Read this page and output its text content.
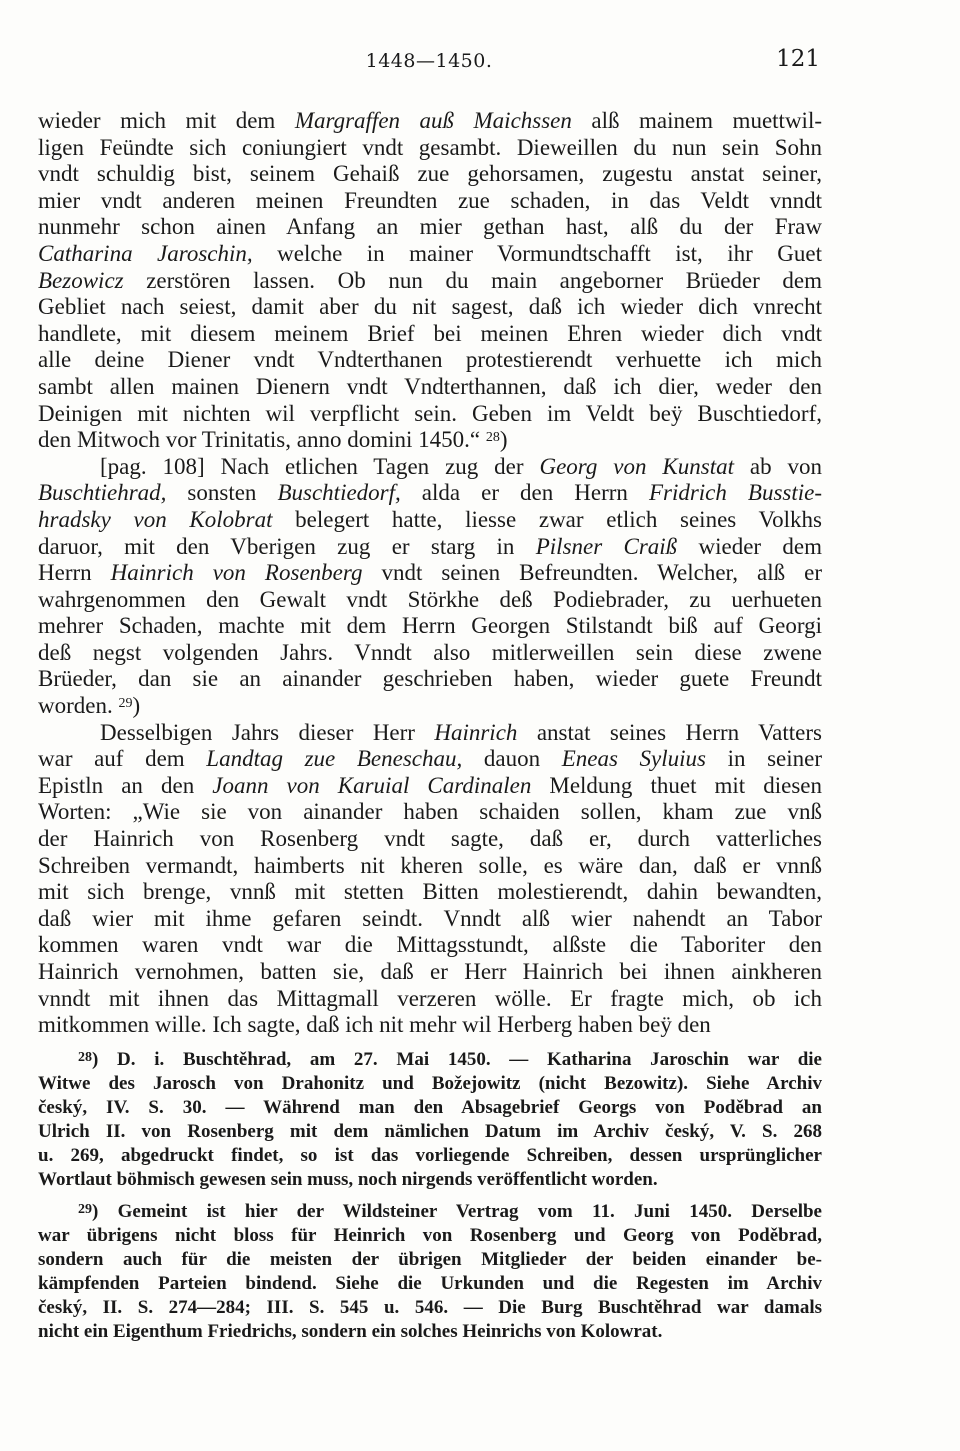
1448—1450.	121
wieder mich mit dem Margraffen auß Maichssen alß mainem muettwil-
ligen Feündte sich coniungiert vndt gesambt. Dieweillen du nun sein Sohn
vndt schuldig bist, seinem Gehaiß zue gehorsamen, zugestu anstat seiner,
mier vndt anderen meinen Freundten zue schaden, in das Veldt vnndt
nunmehr schon ainen Anfang an mier gethan hast, alß du der Fraw
Catharina Jaroschin, welche in mainer Vormundtschafft ist, ihr Guet
Bezowicz zerstören lassen. Ob nun du main angeborner Brüeder dem
Gebliet nach seiest, damit aber du nit sagest, daß ich wieder dich vnrecht
handlete, mit diesem meinem Brief bei meinen Ehren wieder dich vndt
alle deine Diener vndt Vndterthanen protestierendt verhuette ich mich
sambt allen mainen Dienern vndt Vndterthannen, daß ich dier, weder den
Deinigen mit nichten wil verpflicht sein. Geben im Veldt beÿ Buschtiedorf,
den Mitwoch vor Trinitatis, anno domini 1450.“ $^{28}$)
[pag. 108] Nach etlichen Tagen zug der Georg von Kunstat ab von
Buschtiehrad, sonsten Buschtiedorf, alda er den Herrn Fridrich Busstie-
hradsky von Kolobrat belegert hatte, liesse zwar etlich seines Volkhs
daruor, mit den Vberigen zug er starg in Pilsner Craiß wieder dem
Herrn Hainrich von Rosenberg vndt seinen Befreundten. Welcher, alß er
wahrgenommen den Gewalt vndt Störkhe deß Podiebrader, zu uerhueten
mehrer Schaden, machte mit dem Herrn Georgen Stilstandt biß auf Georgi
deß negst volgenden Jahrs. Vnndt also mitlerweillen sein diese zwene
Brüeder, dan sie an ainander geschrieben haben, wieder guete Freundt
worden. $^{29}$)
Desselbigen Jahrs dieser Herr Hainrich anstat seines Herrn Vatters
war auf dem Landtag zue Beneschau, dauon Eneas Syluius in seiner
Epistln an den Joann von Karuial Cardinalen Meldung thuet mit diesen
Worten: „Wie sie von ainander haben schaiden sollen, kham zue vnß
der Hainrich von Rosenberg vndt sagte, daß er, durch vatterliches
Schreiben vermandt, haimberts nit kheren solle, es wäre dan, daß er vnnß
mit sich brenge, vnnß mit stetten Bitten molestierendt, dahin bewandten,
daß wier mit ihme gefaren seindt. Vnndt alß wier nahendt an Tabor
kommen waren vndt war die Mittagsstundt, alßste die Taboriter den
Hainrich vernohmen, batten sie, daß er Herr Hainrich bei ihnen ainkheren
vnndt mit ihnen das Mittagmall verzeren wölle. Er fragte mich, ob ich
mitkommen wille. Ich sagte, daß ich nit mehr wil Herberg haben beÿ den
$^{28}$) D. i. Buschtěhrad, am 27. Mai 1450. — Katharina Jaroschin war die
Witwe des Jarosch von Drahonitz und Božejowitz (nicht Bezowitz). Siehe Archiv
český, IV. S. 30. — Während man den Absagebrief Georgs von Poděbrad an
Ulrich II. von Rosenberg mit dem nämlichen Datum im Archiv český, V. S. 268
u. 269, abgedruckt findet, so ist das vorliegende Schreiben, dessen ursprünglicher
Wortlaut böhmisch gewesen sein muss, noch nirgends veröffentlicht worden.
$^{29}$) Gemeint ist hier der Wildsteiner Vertrag vom 11. Juni 1450. Derselbe
war übrigens nicht bloss für Heinrich von Rosenberg und Georg von Poděbrad,
sondern auch für die meisten der übrigen Mitglieder der beiden einander be-
kämpfenden Parteien bindend. Siehe die Urkunden und die Regesten im Archiv
český, II. S. 274—284; III. S. 545 u. 546. — Die Burg Buschtěhrad war damals
nicht ein Eigenthum Friedrichs, sondern ein solches Heinrichs von Kolowrat.
